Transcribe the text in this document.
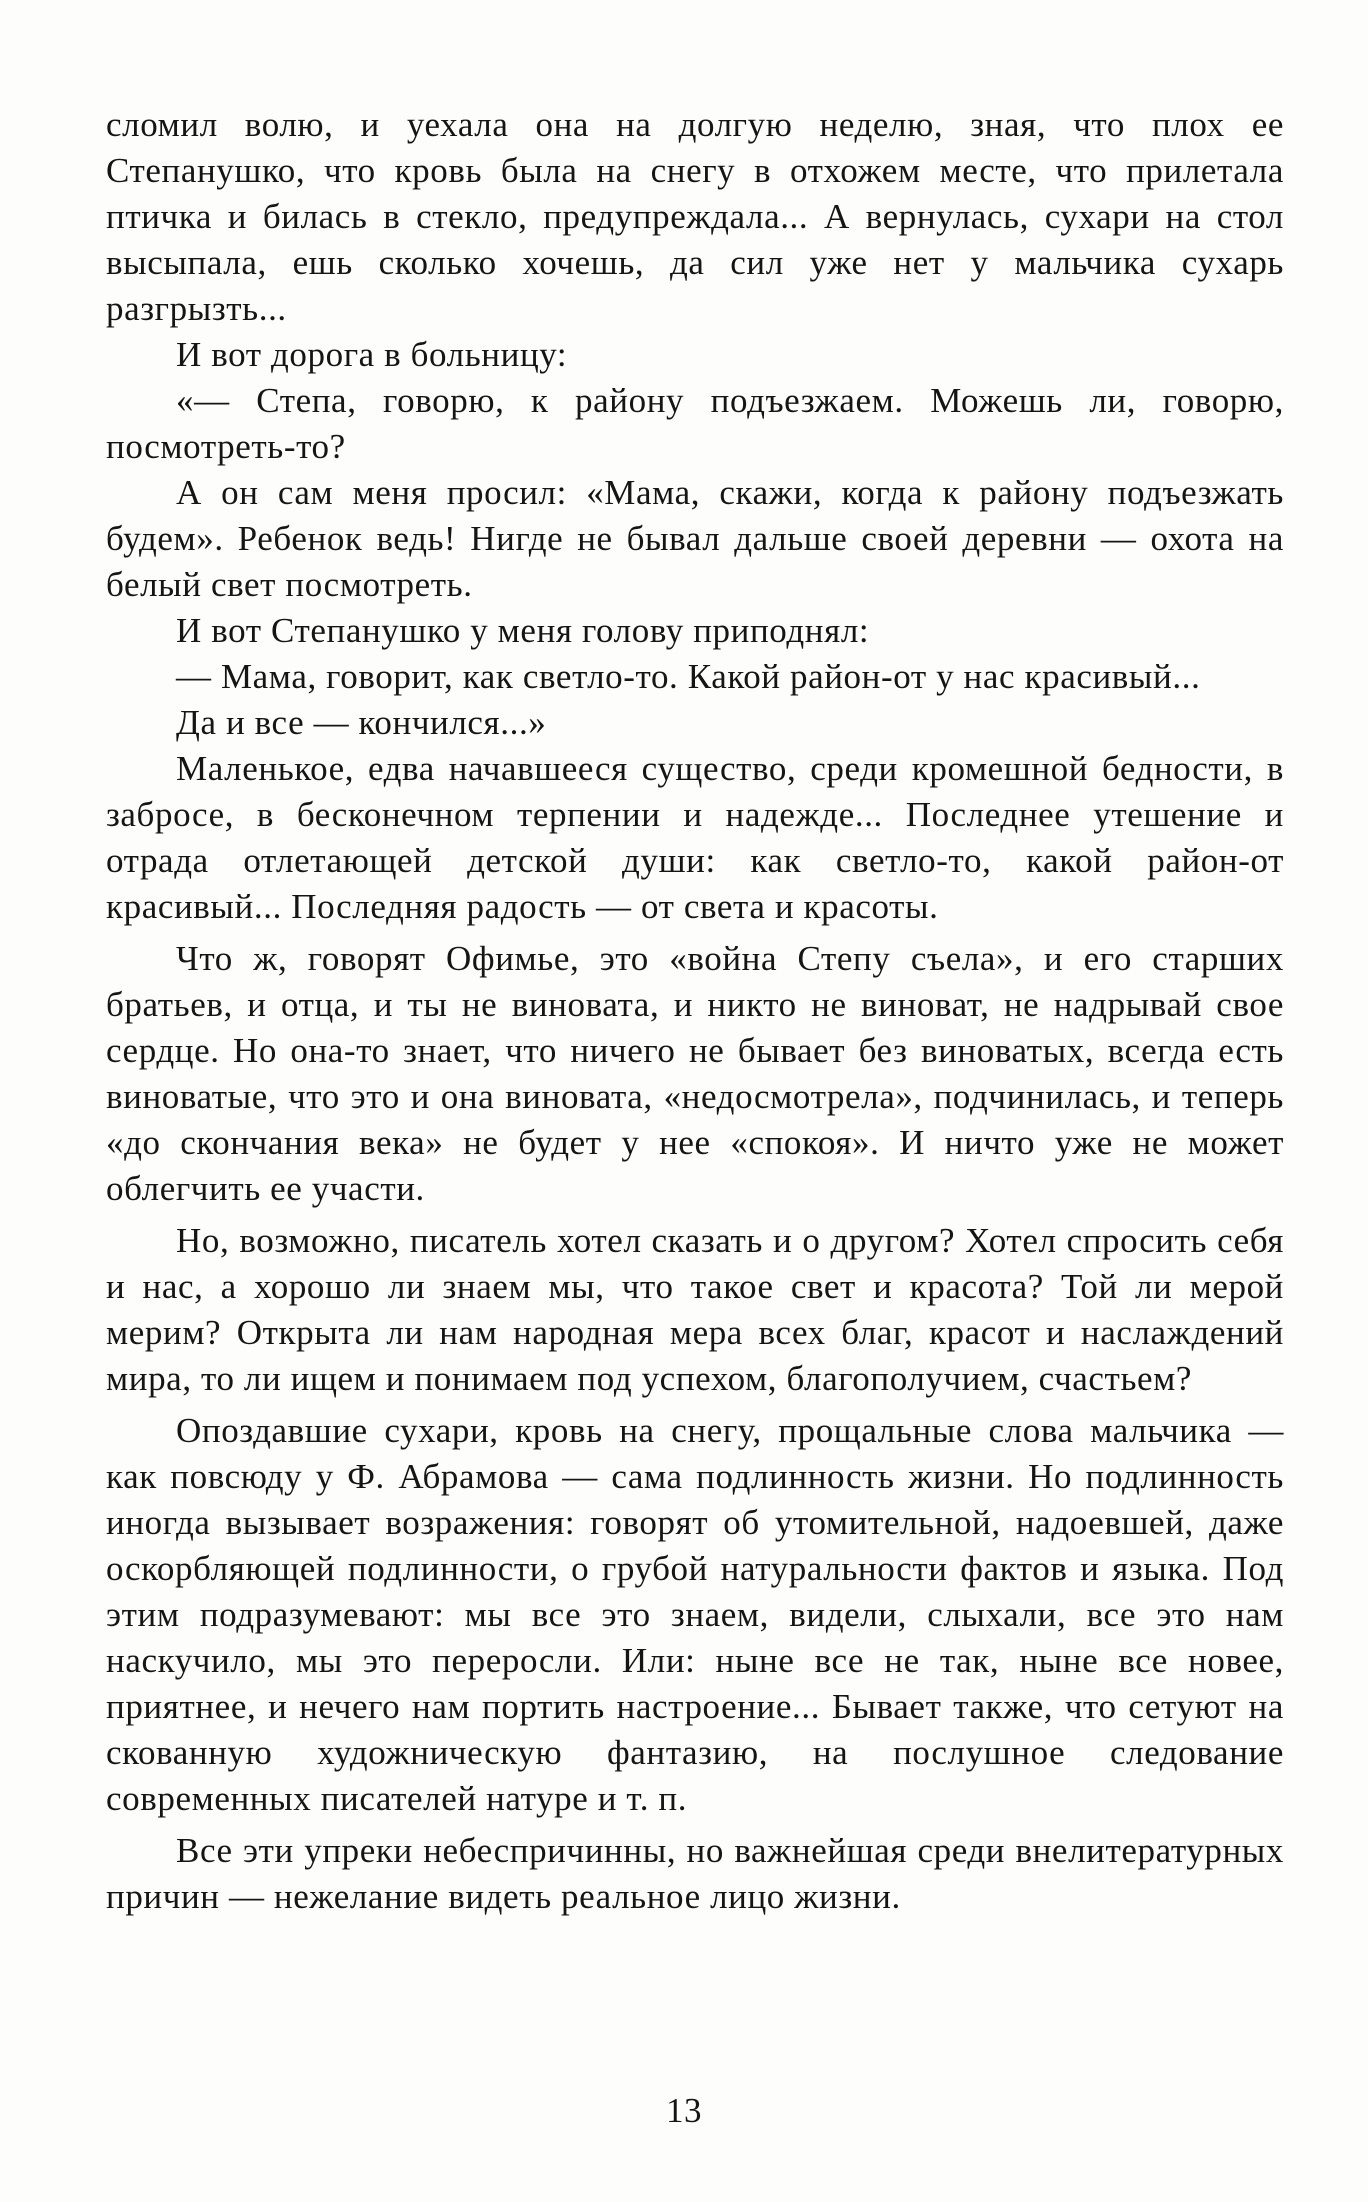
сломил волю, и уехала она на долгую неделю, зная, что плох ее Степанушко, что кровь была на снегу в отхожем месте, что прилетала птичка и билась в стекло, предупреждала... А вернулась, сухари на стол высыпала, ешь сколько хочешь, да сил уже нет у мальчика сухарь разгрызть...

И вот дорога в больницу:

«— Степа, говорю, к району подъезжаем. Можешь ли, говорю, посмотреть-то?

А он сам меня просил: «Мама, скажи, когда к району подъезжать будем». Ребенок ведь! Нигде не бывал дальше своей деревни — охота на белый свет посмотреть.

И вот Степанушко у меня голову приподнял:

— Мама, говорит, как светло-то. Какой район-от у нас красивый...

Да и все — кончился...»

Маленькое, едва начавшееся существо, среди кромешной бедности, в забросе, в бесконечном терпении и надежде... Последнее утешение и отрада отлетающей детской души: как светло-то, какой район-от красивый... Последняя радость — от света и красоты.

Что ж, говорят Офимье, это «война Степу съела», и его старших братьев, и отца, и ты не виновата, и никто не виноват, не надрывай свое сердце. Но она-то знает, что ничего не бывает без виноватых, всегда есть виноватые, что это и она виновата, «недосмотрела», подчинилась, и теперь «до скончания века» не будет у нее «спокоя». И ничто уже не может облегчить ее участи.

Но, возможно, писатель хотел сказать и о другом? Хотел спросить себя и нас, а хорошо ли знаем мы, что такое свет и красота? Той ли мерой мерим? Открыта ли нам народная мера всех благ, красот и наслаждений мира, то ли ищем и понимаем под успехом, благополучием, счастьем?

Опоздавшие сухари, кровь на снегу, прощальные слова мальчика — как повсюду у Ф. Абрамова — сама подлинность жизни. Но подлинность иногда вызывает возражения: говорят об утомительной, надоевшей, даже оскорбляющей подлинности, о грубой натуральности фактов и языка. Под этим подразумевают: мы все это знаем, видели, слыхали, все это нам наскучило, мы это переросли. Или: ныне все не так, ныне все новее, приятнее, и нечего нам портить настроение... Бывает также, что сетуют на скованную художническую фантазию, на послушное следование современных писателей натуре и т. п.

Все эти упреки небеспричинны, но важнейшая среди внелитературных причин — нежелание видеть реальное лицо жизни.

13
